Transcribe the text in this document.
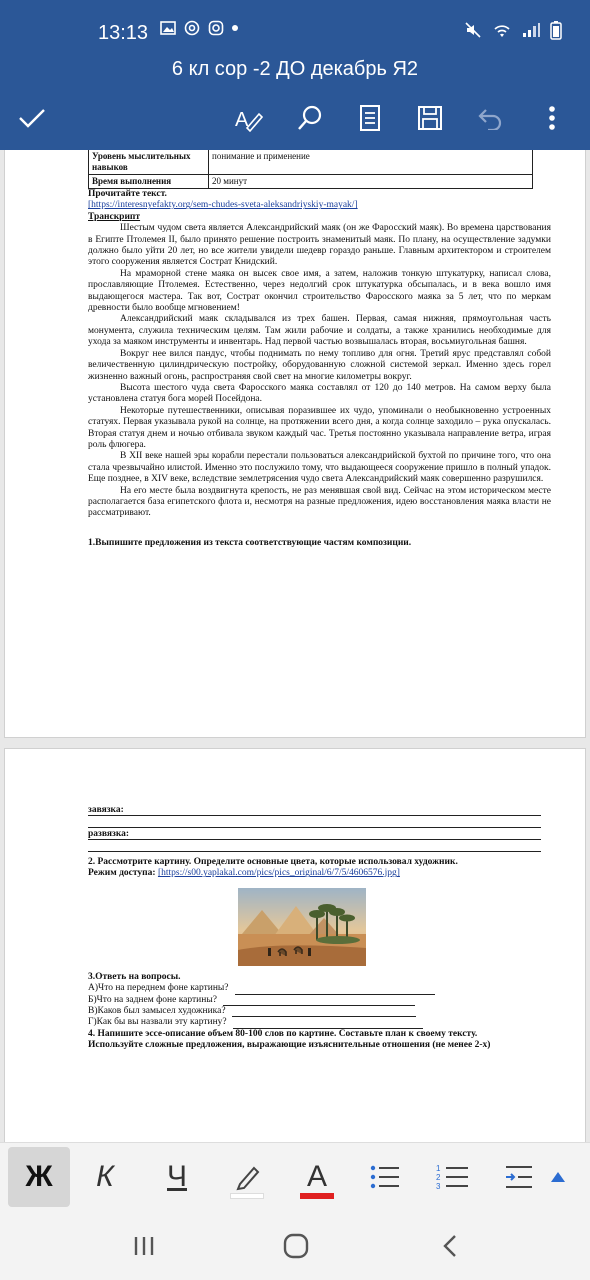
13:13
6 кл сор -2 ДО декабрь Я2
A
Уровень мыслительных навыков	понимание и применение
Время выполнения	20 минут
Прочитайте текст.
[https://interesnyefakty.org/sem-chudes-sveta-aleksandriyskiy-mayak/]
Транскрипт
Шестым чудом света является Александрийский маяк (он же Фаросский маяк). Во времена царствования в Египте Птолемея II, было принято решение построить знаменитый маяк. По плану, на осуществление задумки должно было уйти 20 лет, но все жители увидели шедевр гораздо раньше. Главным архитектором и строителем этого сооружения является Сострат Книдский.
На мраморной стене маяка он высек свое имя, а затем, наложив тонкую штукатурку, написал слова, прославляющие Птолемея. Естественно, через недолгий срок штукатурка обсыпалась, и в века вошло имя выдающегося мастера. Так вот, Сострат окончил строительство Фаросского маяка за 5 лет, что по меркам древности было вообще мгновением!
Александрийский маяк складывался из трех башен. Первая, самая нижняя, прямоугольная часть монумента, служила техническим целям. Там жили рабочие и солдаты, а также хранились необходимые для ухода за маяком инструменты и инвентарь. Над первой частью возвышалась вторая, восьмиугольная башня.
Вокруг нее вился пандус, чтобы поднимать по нему топливо для огня. Третий ярус представлял собой величественную цилиндрическую постройку, оборудованную сложной системой зеркал. Именно здесь горел жизненно важный огонь, распространяя свой свет на многие километры вокруг.
Высота шестого чуда света Фаросского маяка составлял от 120 до 140 метров. На самом верху была установлена статуя бога морей Посейдона.
Некоторые путешественники, описывая поразившее их чудо, упоминали о необыкновенно устроенных статуях. Первая указывала рукой на солнце, на протяжении всего дня, а когда солнце заходило – рука опускалась. Вторая статуя днем и ночью отбивала звуком каждый час. Третья постоянно указывала направление ветра, играя роль флюгера.
В XII веке нашей эры корабли перестали пользоваться александрийской бухтой по причине того, что она стала чрезвычайно илистой. Именно это послужило тому, что выдающееся сооружение пришло в полный упадок. Еще позднее, в XIV веке, вследствие землетрясения чудо света Александрийский маяк совершенно разрушился.
На его месте была воздвигнута крепость, не раз менявшая свой вид. Сейчас на этом историческом месте располагается база египетского флота и, несмотря на разные предложения, идею восстановления маяка власти не рассматривают.
1.Выпишите предложения из текста соответствующие частям композиции.
завязка:
развязка:
2. Рассмотрите картину. Определите основные цвета, которые использовал художник.
Режим доступа: [https://s00.yaplakal.com/pics/pics_original/6/7/5/4606576.jpg]
3.Ответь на вопросы.
А)Что на переднем фоне картины?
Б)Что на заднем фоне картины?
В)Каков был замысел художника?
Г)Как бы вы назвали эту картину?
4. Напишите эссе-описание объем 80-100 слов по картине. Составьте план к своему тексту.
Используйте сложные предложения, выражающие изъяснительные отношения (не менее 2-х)
Ж К Ч	А	1
2
3
